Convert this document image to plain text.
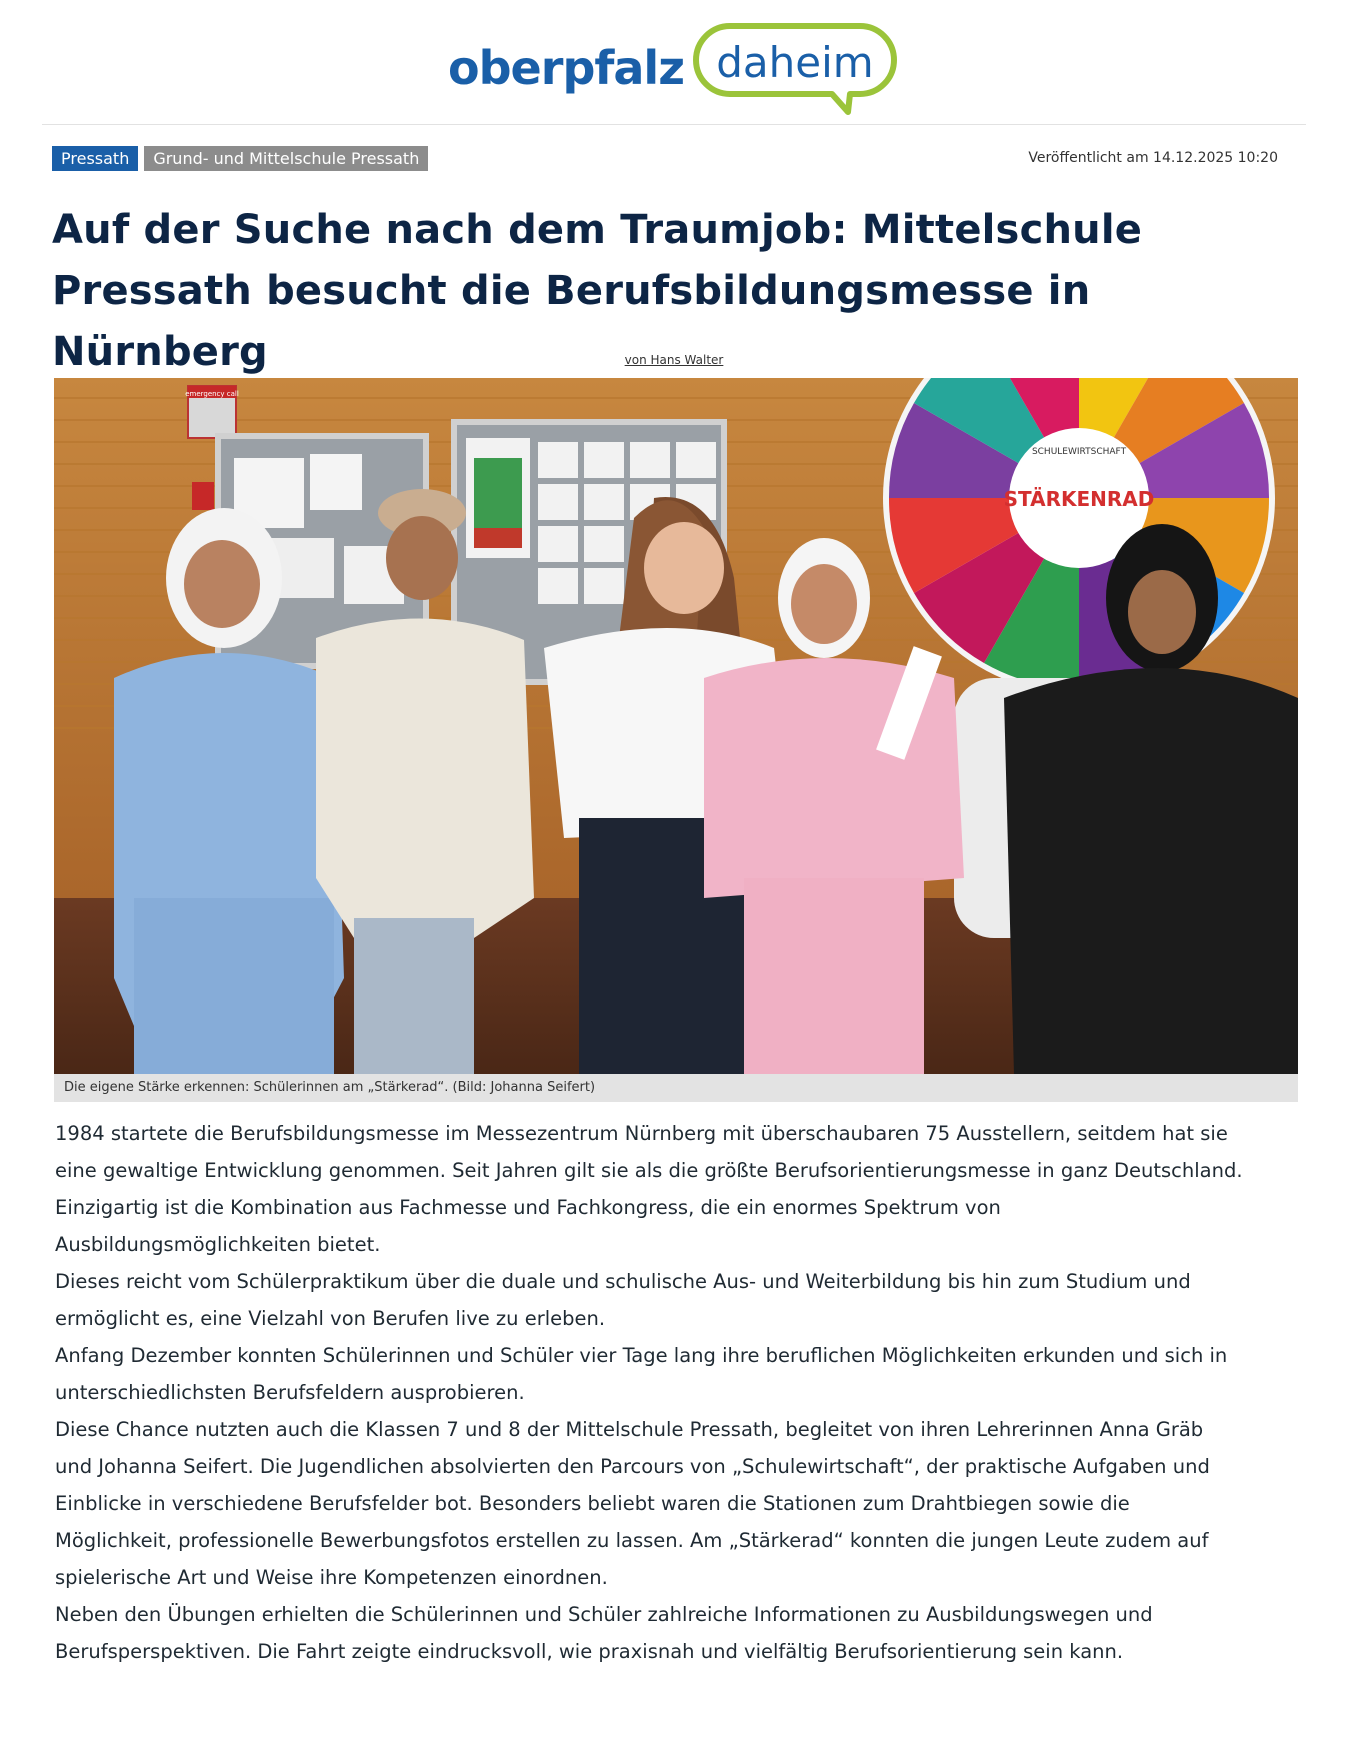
oberpfalz daheim
Pressath	Grund- und Mittelschule Pressath	Veröffentlicht am 14.12.2025 10:20
Auf der Suche nach dem Traumjob: Mittelschule
Pressath besucht die Berufsbildungsmesse in Nürnberg	von Hans Walter
emergency call
SCHULEWIRTSCHAFT
STÄRKENRAD
Die eigene Stärke erkennen: Schülerinnen am „Stärkerad“. (Bild: Johanna Seifert)

1984 startete die Berufsbildungsmesse im Messezentrum Nürnberg mit überschaubaren 75 Ausstellern, seitdem hat sie

eine gewaltige Entwicklung genommen. Seit Jahren gilt sie als die größte Berufsorientierungsmesse in ganz Deutschland.

Einzigartig ist die Kombination aus Fachmesse und Fachkongress, die ein enormes Spektrum von

Ausbildungsmöglichkeiten bietet.

Dieses reicht vom Schülerpraktikum über die duale und schulische Aus- und Weiterbildung bis hin zum Studium und

ermöglicht es, eine Vielzahl von Berufen live zu erleben.

Anfang Dezember konnten Schülerinnen und Schüler vier Tage lang ihre beruflichen Möglichkeiten erkunden und sich in

unterschiedlichsten Berufsfeldern ausprobieren.

Diese Chance nutzten auch die Klassen 7 und 8 der Mittelschule Pressath, begleitet von ihren Lehrerinnen Anna Gräb

und Johanna Seifert. Die Jugendlichen absolvierten den Parcours von „Schulewirtschaft“, der praktische Aufgaben und

Einblicke in verschiedene Berufsfelder bot. Besonders beliebt waren die Stationen zum Drahtbiegen sowie die

Möglichkeit, professionelle Bewerbungsfotos erstellen zu lassen. Am „Stärkerad“ konnten die jungen Leute zudem auf

spielerische Art und Weise ihre Kompetenzen einordnen.

Neben den Übungen erhielten die Schülerinnen und Schüler zahlreiche Informationen zu Ausbildungswegen und

Berufsperspektiven. Die Fahrt zeigte eindrucksvoll, wie praxisnah und vielfältig Berufsorientierung sein kann.
